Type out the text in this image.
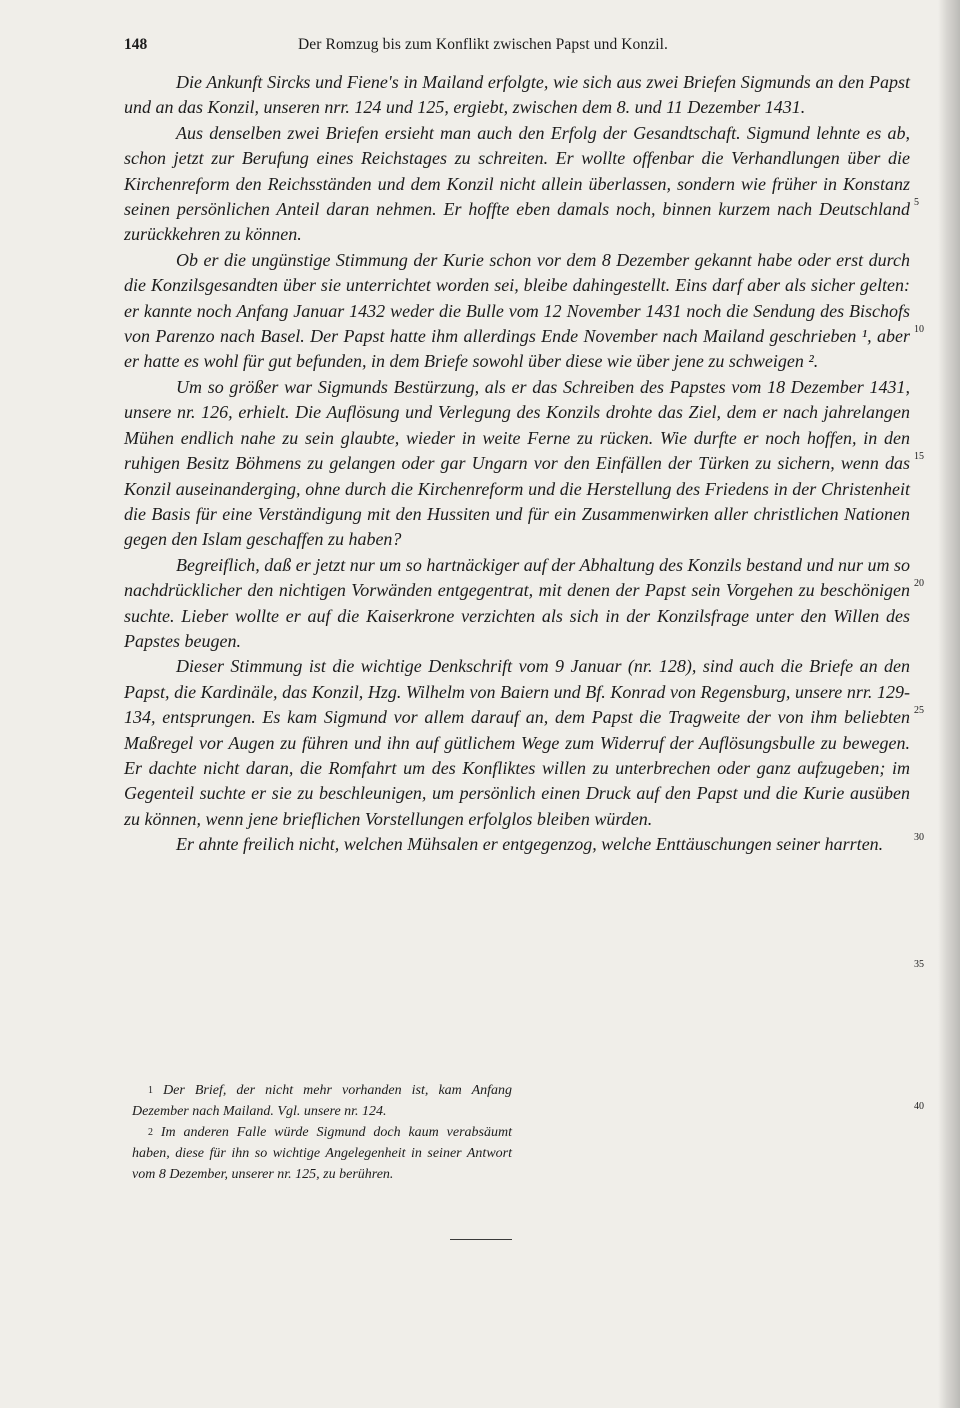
148	Der Romzug bis zum Konflikt zwischen Papst und Konzil.

Die Ankunft Sircks und Fiene's in Mailand erfolgte, wie sich aus zwei Briefen Sigmunds an den Papst und an das Konzil, unseren nrr. 124 und 125, ergiebt, zwischen dem 8. und 11 Dezember 1431.

Aus denselben zwei Briefen ersieht man auch den Erfolg der Gesandtschaft. Sigmund lehnte es ab, schon jetzt zur Berufung eines Reichstages zu schreiten. Er wollte offenbar die Verhandlungen über die Kirchenreform den Reichsständen und dem Konzil nicht allein überlassen, sondern wie früher in Konstanz seinen persönlichen Anteil daran nehmen. Er hoffte eben damals noch, binnen kurzem nach Deutschland zurückkehren zu können.

Ob er die ungünstige Stimmung der Kurie schon vor dem 8 Dezember gekannt habe oder erst durch die Konzilsgesandten über sie unterrichtet worden sei, bleibe dahingestellt. Eins darf aber als sicher gelten: er kannte noch Anfang Januar 1432 weder die Bulle vom 12 November 1431 noch die Sendung des Bischofs von Parenzo nach Basel. Der Papst hatte ihm allerdings Ende November nach Mailand geschrieben ¹, aber er hatte es wohl für gut befunden, in dem Briefe sowohl über diese wie über jene zu schweigen ².

Um so größer war Sigmunds Bestürzung, als er das Schreiben des Papstes vom 18 Dezember 1431, unsere nr. 126, erhielt. Die Auflösung und Verlegung des Konzils drohte das Ziel, dem er nach jahrelangen Mühen endlich nahe zu sein glaubte, wieder in weite Ferne zu rücken. Wie durfte er noch hoffen, in den ruhigen Besitz Böhmens zu gelangen oder gar Ungarn vor den Einfällen der Türken zu sichern, wenn das Konzil auseinanderging, ohne durch die Kirchenreform und die Herstellung des Friedens in der Christenheit die Basis für eine Verständigung mit den Hussiten und für ein Zusammenwirken aller christlichen Nationen gegen den Islam geschaffen zu haben?

Begreiflich, daß er jetzt nur um so hartnäckiger auf der Abhaltung des Konzils bestand und nur um so nachdrücklicher den nichtigen Vorwänden entgegentrat, mit denen der Papst sein Vorgehen zu beschönigen suchte. Lieber wollte er auf die Kaiserkrone verzichten als sich in der Konzilsfrage unter den Willen des Papstes beugen.

Dieser Stimmung ist die wichtige Denkschrift vom 9 Januar (nr. 128), sind auch die Briefe an den Papst, die Kardinäle, das Konzil, Hzg. Wilhelm von Baiern und Bf. Konrad von Regensburg, unsere nrr. 129-134, entsprungen. Es kam Sigmund vor allem darauf an, dem Papst die Tragweite der von ihm beliebten Maßregel vor Augen zu führen und ihn auf gütlichem Wege zum Widerruf der Auflösungsbulle zu bewegen. Er dachte nicht daran, die Romfahrt um des Konfliktes willen zu unterbrechen oder ganz aufzugeben; im Gegenteil suchte er sie zu beschleunigen, um persönlich einen Druck auf den Papst und die Kurie ausüben zu können, wenn jene brieflichen Vorstellungen erfolglos bleiben würden.

Er ahnte freilich nicht, welchen Mühsalen er entgegenzog, welche Enttäuschungen seiner harrten.

5
10
15
20
25
30
35

$^1$ Der Brief, der nicht mehr vorhanden ist, kam Anfang Dezember nach Mailand. Vgl. unsere nr. 124.

$^2$ Im anderen Falle würde Sigmund doch kaum verabsäumt haben, diese für ihn so wichtige Angelegenheit in seiner Antwort vom 8 Dezember, unserer nr. 125, zu berühren.

40
